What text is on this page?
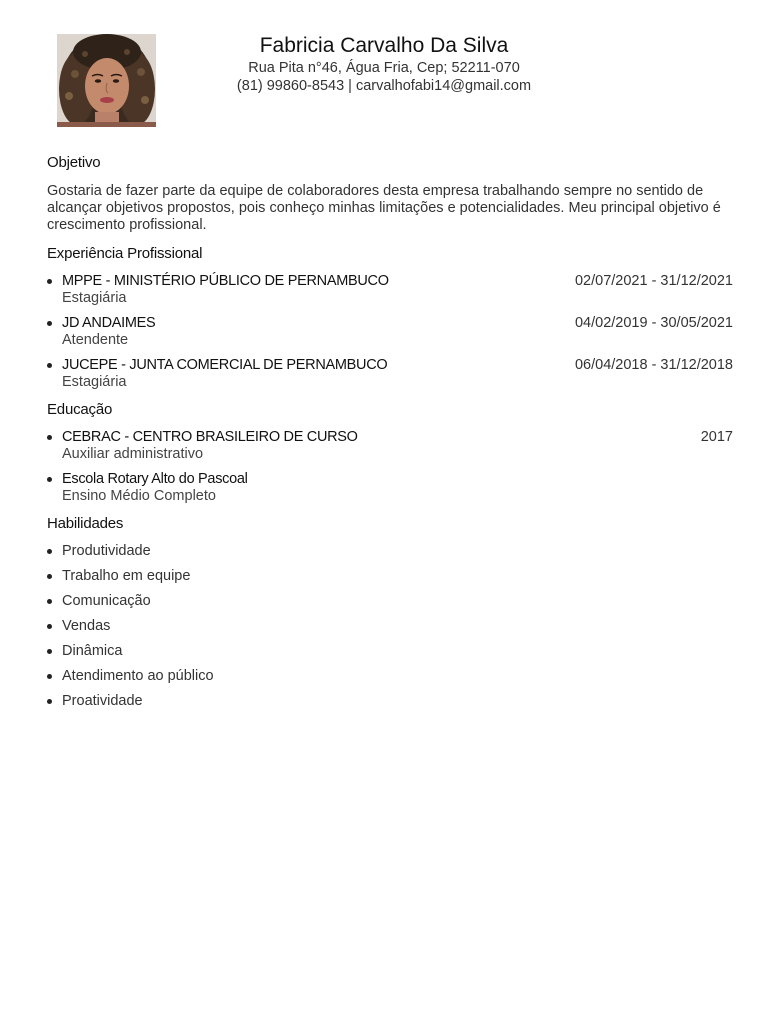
Fabricia Carvalho Da Silva
Rua Pita n°46, Água Fria, Cep; 52211-070
(81) 99860-8543 | carvalhofabi14@gmail.com
Objetivo

Gostaria de fazer parte da equipe de colaboradores desta empresa trabalhando sempre no sentido de alcançar objetivos propostos, pois conheço minhas limitações e potencialidades. Meu principal objetivo é crescimento profissional.

Experiência Profissional
MPPE - MINISTÉRIO PÚBLICO DE PERNAMBUCO	02/07/2021 - 31/12/2021
Estagiária
JD ANDAIMES	04/02/2019 - 30/05/2021
Atendente
JUCEPE - JUNTA COMERCIAL DE PERNAMBUCO	06/04/2018 - 31/12/2018
Estagiária
Educação
CEBRAC - CENTRO BRASILEIRO DE CURSO	2017
Auxiliar administrativo
Escola Rotary Alto do Pascoal
Ensino Médio Completo
Habilidades
Produtividade
Trabalho em equipe
Comunicação
Vendas
Dinâmica
Atendimento ao público
Proatividade
